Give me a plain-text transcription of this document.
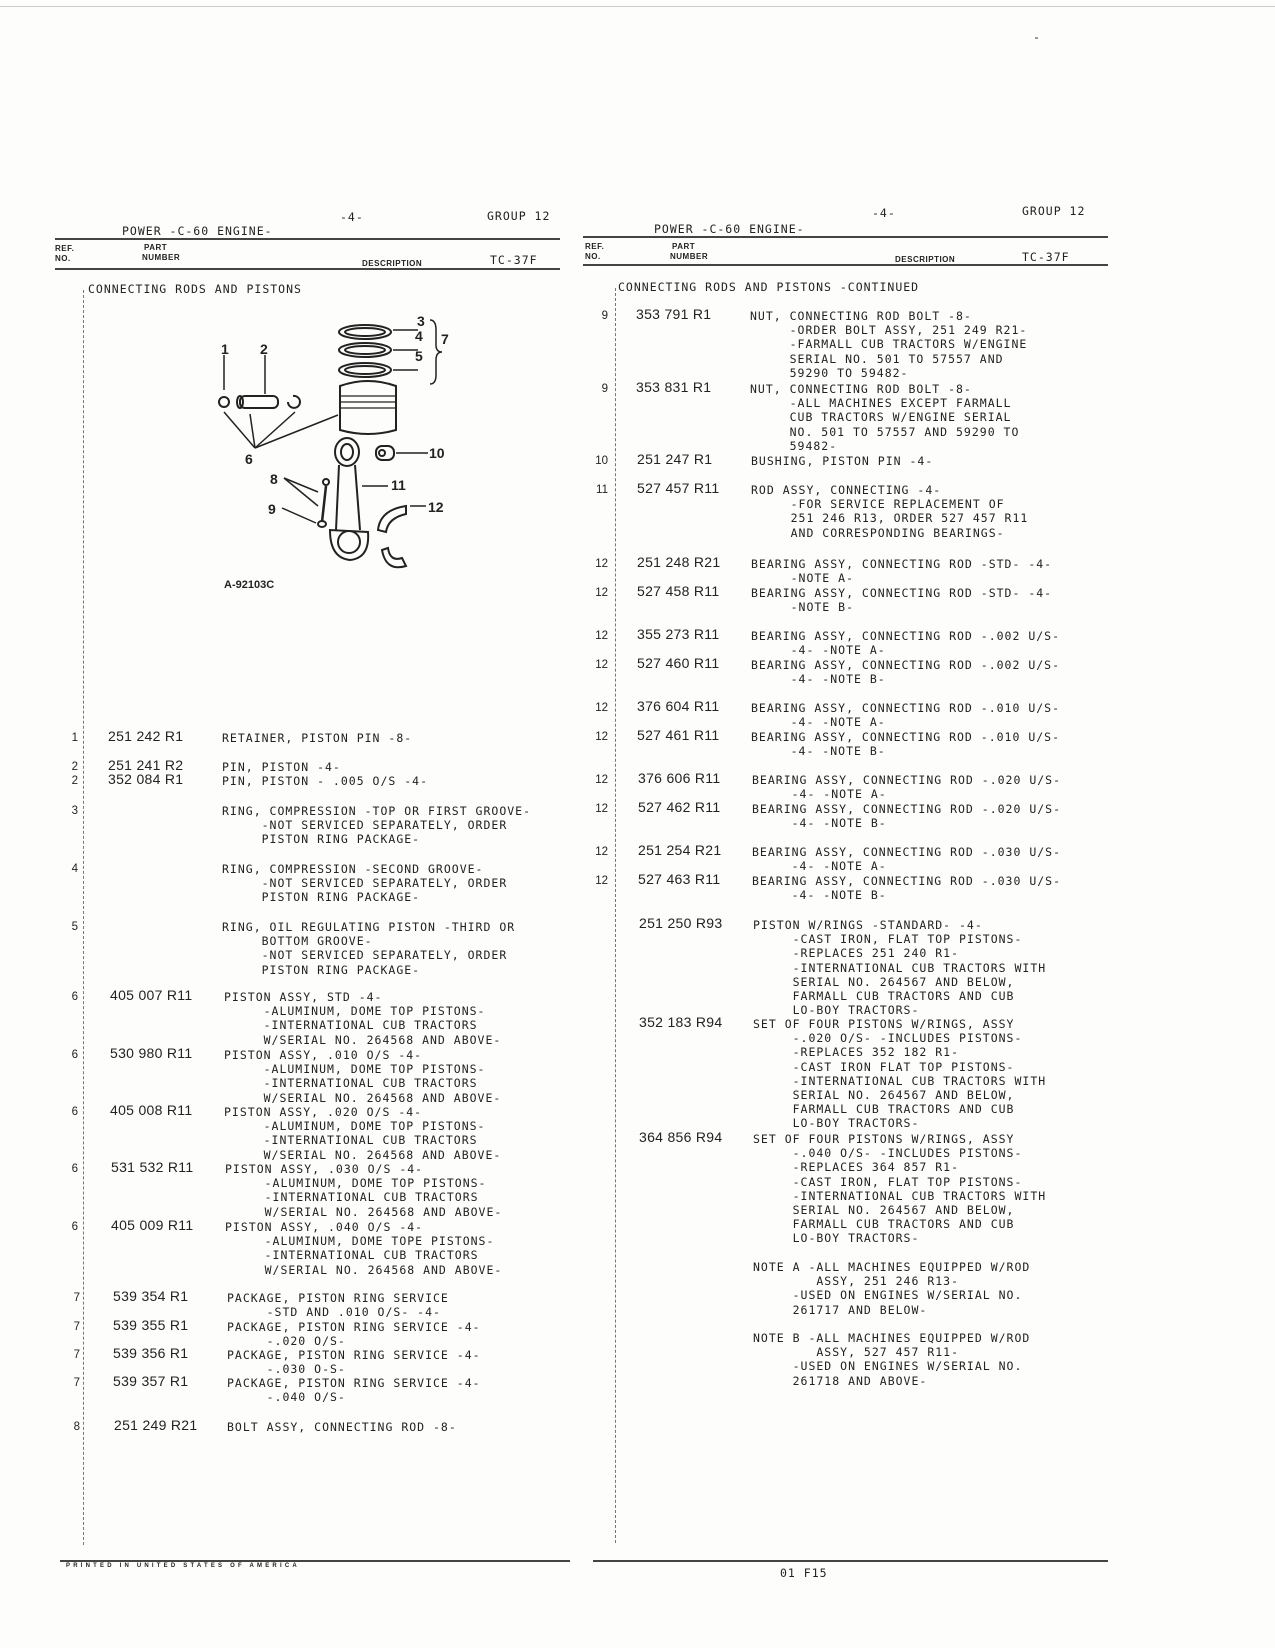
-
-4-	GROUP 12
POWER -C-60 ENGINE-
REF.
NO.
PART
NUMBER
DESCRIPTION	TC-37F
CONNECTING RODS AND PISTONS
-4-	GROUP 12
POWER -C-60 ENGINE-
REF.
NO.
PART
NUMBER	DESCRIPTION	TC-37F
CONNECTING RODS AND PISTONS -CONTINUED
3
4
5
7
1 2
6	10
8	11
9	12
A-92103C
1 251 242 R1	RETAINER, PISTON PIN -8-
2 251 241 R2	PIN, PISTON -4-
2 352 084 R1	PIN, PISTON - .005 O/S -4-
3	RING, COMPRESSION -TOP OR FIRST GROOVE-
-NOT SERVICED SEPARATELY, ORDER
PISTON RING PACKAGE-
4	RING, COMPRESSION -SECOND GROOVE-
-NOT SERVICED SEPARATELY, ORDER
PISTON RING PACKAGE-
5	RING, OIL REGULATING PISTON -THIRD OR
BOTTOM GROOVE-
-NOT SERVICED SEPARATELY, ORDER
PISTON RING PACKAGE-
6 405 007 R11	PISTON ASSY, STD -4-
-ALUMINUM, DOME TOP PISTONS-
-INTERNATIONAL CUB TRACTORS
W/SERIAL NO. 264568 AND ABOVE-
6 530 980 R11	PISTON ASSY, .010 O/S -4-
-ALUMINUM, DOME TOP PISTONS-
-INTERNATIONAL CUB TRACTORS
W/SERIAL NO. 264568 AND ABOVE-
6 405 008 R11	PISTON ASSY, .020 O/S -4-
-ALUMINUM, DOME TOP PISTONS-
-INTERNATIONAL CUB TRACTORS
W/SERIAL NO. 264568 AND ABOVE-
6 531 532 R11	PISTON ASSY, .030 O/S -4-
-ALUMINUM, DOME TOP PISTONS-
-INTERNATIONAL CUB TRACTORS
W/SERIAL NO. 264568 AND ABOVE-
6 405 009 R11	PISTON ASSY, .040 O/S -4-
-ALUMINUM, DOME TOPE PISTONS-
-INTERNATIONAL CUB TRACTORS
W/SERIAL NO. 264568 AND ABOVE-
7 539 354 R1	PACKAGE, PISTON RING SERVICE
-STD AND .010 O/S- -4-
7 539 355 R1	PACKAGE, PISTON RING SERVICE -4-
-.020 O/S-
7 539 356 R1	PACKAGE, PISTON RING SERVICE -4-
-.030 O-S-
7 539 357 R1	PACKAGE, PISTON RING SERVICE -4-
-.040 O/S-
8 251 249 R21	BOLT ASSY, CONNECTING ROD -8-
9 353 791 R1	NUT, CONNECTING ROD BOLT -8-
-ORDER BOLT ASSY, 251 249 R21-
-FARMALL CUB TRACTORS W/ENGINE
SERIAL NO. 501 TO 57557 AND
59290 TO 59482-
9 353 831 R1	NUT, CONNECTING ROD BOLT -8-
-ALL MACHINES EXCEPT FARMALL
CUB TRACTORS W/ENGINE SERIAL
NO. 501 TO 57557 AND 59290 TO
59482-
10 251 247 R1	BUSHING, PISTON PIN -4-
11 527 457 R11	ROD ASSY, CONNECTING -4-
-FOR SERVICE REPLACEMENT OF
251 246 R13, ORDER 527 457 R11
AND CORRESPONDING BEARINGS-
12 251 248 R21	BEARING ASSY, CONNECTING ROD -STD- -4-
-NOTE A-
12 527 458 R11	BEARING ASSY, CONNECTING ROD -STD- -4-
-NOTE B-
12 355 273 R11	BEARING ASSY, CONNECTING ROD -.002 U/S-
-4- -NOTE A-
12 527 460 R11	BEARING ASSY, CONNECTING ROD -.002 U/S-
-4- -NOTE B-
12 376 604 R11	BEARING ASSY, CONNECTING ROD -.010 U/S-
-4- -NOTE A-
12 527 461 R11	BEARING ASSY, CONNECTING ROD -.010 U/S-
-4- -NOTE B-
12 376 606 R11	BEARING ASSY, CONNECTING ROD -.020 U/S-
-4- -NOTE A-
12 527 462 R11	BEARING ASSY, CONNECTING ROD -.020 U/S-
-4- -NOTE B-
12 251 254 R21	BEARING ASSY, CONNECTING ROD -.030 U/S-
-4- -NOTE A-
12 527 463 R11	BEARING ASSY, CONNECTING ROD -.030 U/S-
-4- -NOTE B-
251 250 R93	PISTON W/RINGS -STANDARD- -4-
-CAST IRON, FLAT TOP PISTONS-
-REPLACES 251 240 R1-
-INTERNATIONAL CUB TRACTORS WITH
SERIAL NO. 264567 AND BELOW,
FARMALL CUB TRACTORS AND CUB
LO-BOY TRACTORS-
352 183 R94	SET OF FOUR PISTONS W/RINGS, ASSY
-.020 O/S- -INCLUDES PISTONS-
-REPLACES 352 182 R1-
-CAST IRON FLAT TOP PISTONS-
-INTERNATIONAL CUB TRACTORS WITH
SERIAL NO. 264567 AND BELOW,
FARMALL CUB TRACTORS AND CUB
LO-BOY TRACTORS-
364 856 R94	SET OF FOUR PISTONS W/RINGS, ASSY
-.040 O/S- -INCLUDES PISTONS-
-REPLACES 364 857 R1-
-CAST IRON, FLAT TOP PISTONS-
-INTERNATIONAL CUB TRACTORS WITH
SERIAL NO. 264567 AND BELOW,
FARMALL CUB TRACTORS AND CUB
LO-BOY TRACTORS-
NOTE A -ALL MACHINES EQUIPPED W/ROD
ASSY, 251 246 R13-
-USED ON ENGINES W/SERIAL NO.
261717 AND BELOW-
NOTE B -ALL MACHINES EQUIPPED W/ROD
ASSY, 527 457 R11-
-USED ON ENGINES W/SERIAL NO.
261718 AND ABOVE-
PRINTED IN UNITED STATES OF AMERICA	01 F15
